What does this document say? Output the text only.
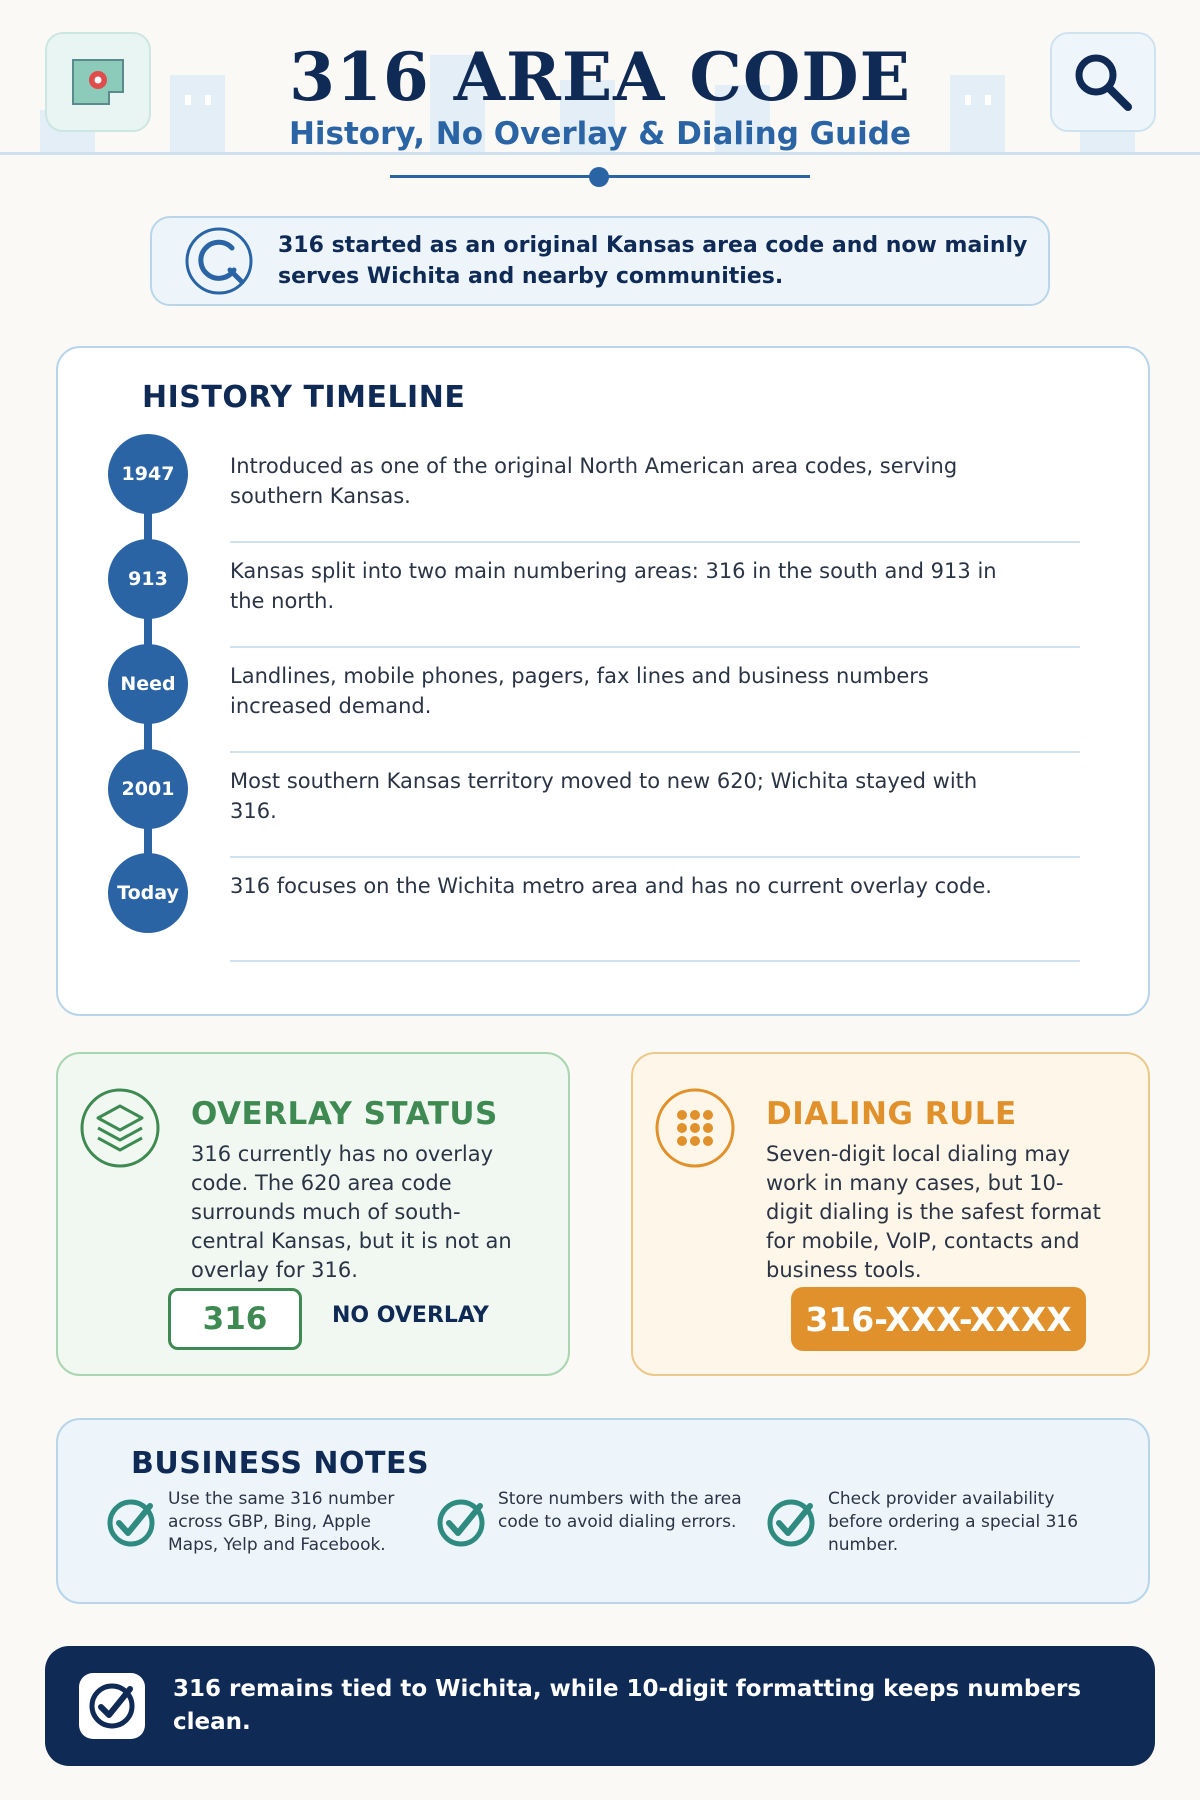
316 AREA CODE
History, No Overlay & Dialing Guide
316 started as an original Kansas area code and now mainly serves Wichita and nearby communities.
HISTORY TIMELINE
1947	Introduced as one of the original North American area codes, serving southern Kansas.
913	Kansas split into two main numbering areas: 316 in the south and 913 in the north.
Need	Landlines, mobile phones, pagers, fax lines and business numbers increased demand.
2001	Most southern Kansas territory moved to new 620; Wichita stayed with 316.
Today	316 focuses on the Wichita metro area and has no current overlay code.
OVERLAY STATUS
316 currently has no overlay code. The 620 area code surrounds much of south-central Kansas, but it is not an overlay for 316.
316	NO OVERLAY
DIALING RULE
Seven-digit local dialing may work in many cases, but 10-digit dialing is the safest format for mobile, VoIP, contacts and business tools.
316-XXX-XXXX
BUSINESS NOTES
Use the same 316 number across GBP, Bing, Apple Maps, Yelp and Facebook.
Store numbers with the area code to avoid dialing errors.
Check provider availability before ordering a special 316 number.
316 remains tied to Wichita, while 10-digit formatting keeps numbers clean.
